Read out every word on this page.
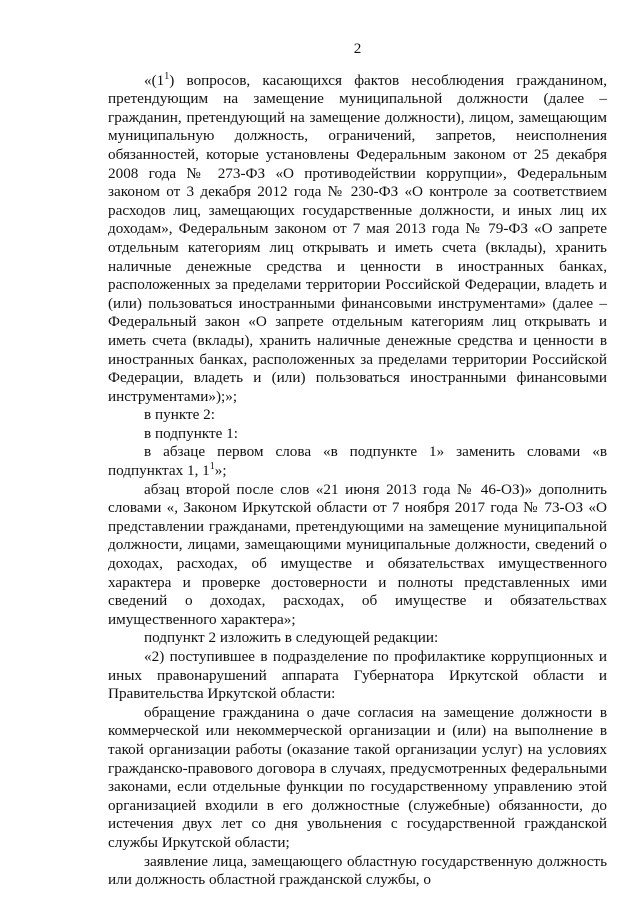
2

«$(1^1)$ вопросов, касающихся фактов несоблюдения гражданином, претендующим на замещение муниципальной должности (далее – гражданин, претендующий на замещение должности), лицом, замещающим муниципальную должность, ограничений, запретов, неисполнения обязанностей, которые установлены Федеральным законом от 25 декабря 2008 года № 273-ФЗ «О противодействии коррупции», Федеральным законом от 3 декабря 2012 года № 230-ФЗ «О контроле за соответствием расходов лиц, замещающих государственные должности, и иных лиц их доходам», Федеральным законом от 7 мая 2013 года № 79-ФЗ «О запрете отдельным категориям лиц открывать и иметь счета (вклады), хранить наличные денежные средства и ценности в иностранных банках, расположенных за пределами территории Российской Федерации, владеть и (или) пользоваться иностранными финансовыми инструментами» (далее – Федеральный закон «О запрете отдельным категориям лиц открывать и иметь счета (вклады), хранить наличные денежные средства и ценности в иностранных банках, расположенных за пределами территории Российской Федерации, владеть и (или) пользоваться иностранными финансовыми инструментами»);»;

в пункте 2:

в подпункте 1:

в абзаце первом слова «в подпункте 1» заменить словами «в подпунктах 1, $1^1$»;

абзац второй после слов «21 июня 2013 года № 46-ОЗ)» дополнить словами «, Законом Иркутской области от 7 ноября 2017 года № 73-ОЗ «О представлении гражданами, претендующими на замещение муниципальной должности, лицами, замещающими муниципальные должности, сведений о доходах, расходах, об имуществе и обязательствах имущественного характера и проверке достоверности и полноты представленных ими сведений о доходах, расходах, об имуществе и обязательствах имущественного характера»;

подпункт 2 изложить в следующей редакции:

«2) поступившее в подразделение по профилактике коррупционных и иных правонарушений аппарата Губернатора Иркутской области и Правительства Иркутской области:

обращение гражданина о даче согласия на замещение должности в коммерческой или некоммерческой организации и (или) на выполнение в такой организации работы (оказание такой организации услуг) на условиях гражданско-правового договора в случаях, предусмотренных федеральными законами, если отдельные функции по государственному управлению этой организацией входили в его должностные (служебные) обязанности, до истечения двух лет со дня увольнения с государственной гражданской службы Иркутской области;

заявление лица, замещающего областную государственную должность или должность областной гражданской службы, о
